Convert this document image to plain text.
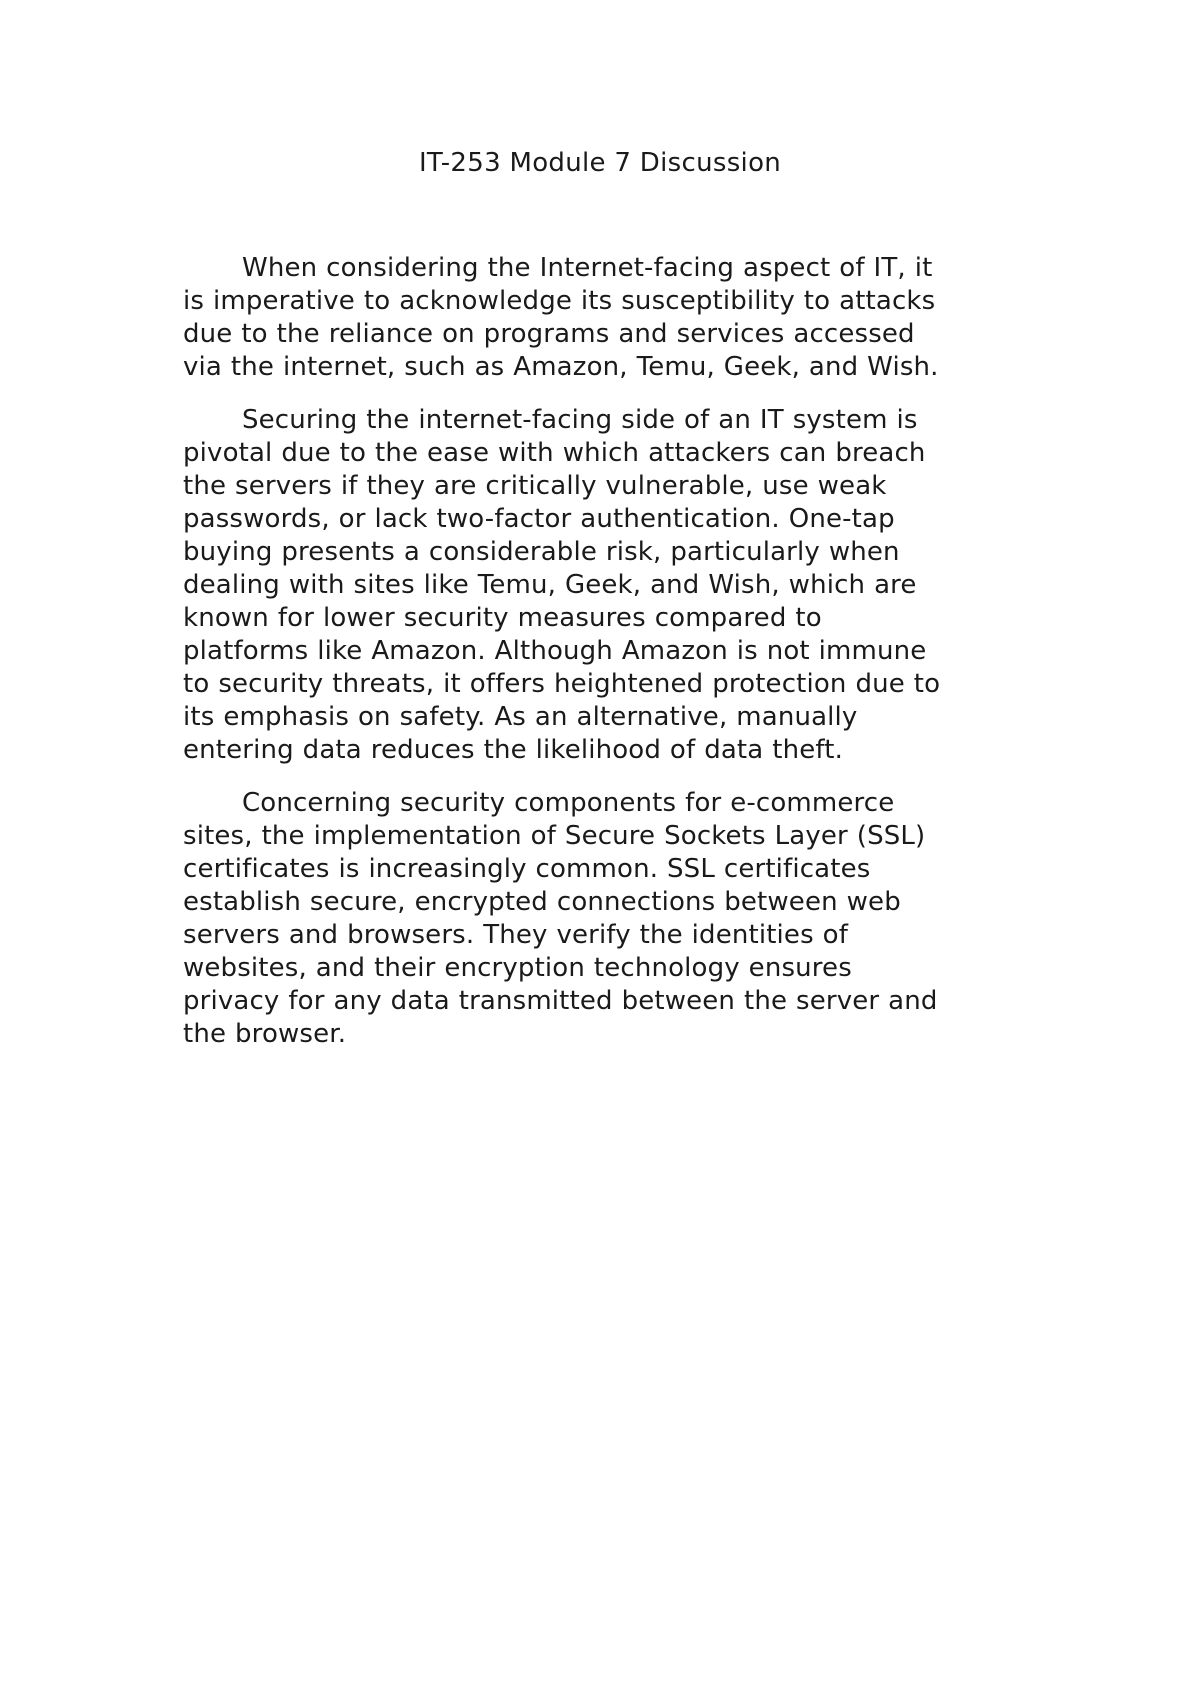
IT-253 Module 7 Discussion

When considering the Internet-facing aspect of IT, it
is imperative to acknowledge its susceptibility to attacks
due to the reliance on programs and services accessed
via the internet, such as Amazon, Temu, Geek, and Wish.

Securing the internet-facing side of an IT system is
pivotal due to the ease with which attackers can breach
the servers if they are critically vulnerable, use weak
passwords, or lack two-factor authentication. One-tap
buying presents a considerable risk, particularly when
dealing with sites like Temu, Geek, and Wish, which are
known for lower security measures compared to
platforms like Amazon. Although Amazon is not immune
to security threats, it offers heightened protection due to
its emphasis on safety. As an alternative, manually
entering data reduces the likelihood of data theft.

Concerning security components for e-commerce
sites, the implementation of Secure Sockets Layer (SSL)
certificates is increasingly common. SSL certificates
establish secure, encrypted connections between web
servers and browsers. They verify the identities of
websites, and their encryption technology ensures
privacy for any data transmitted between the server and
the browser.
